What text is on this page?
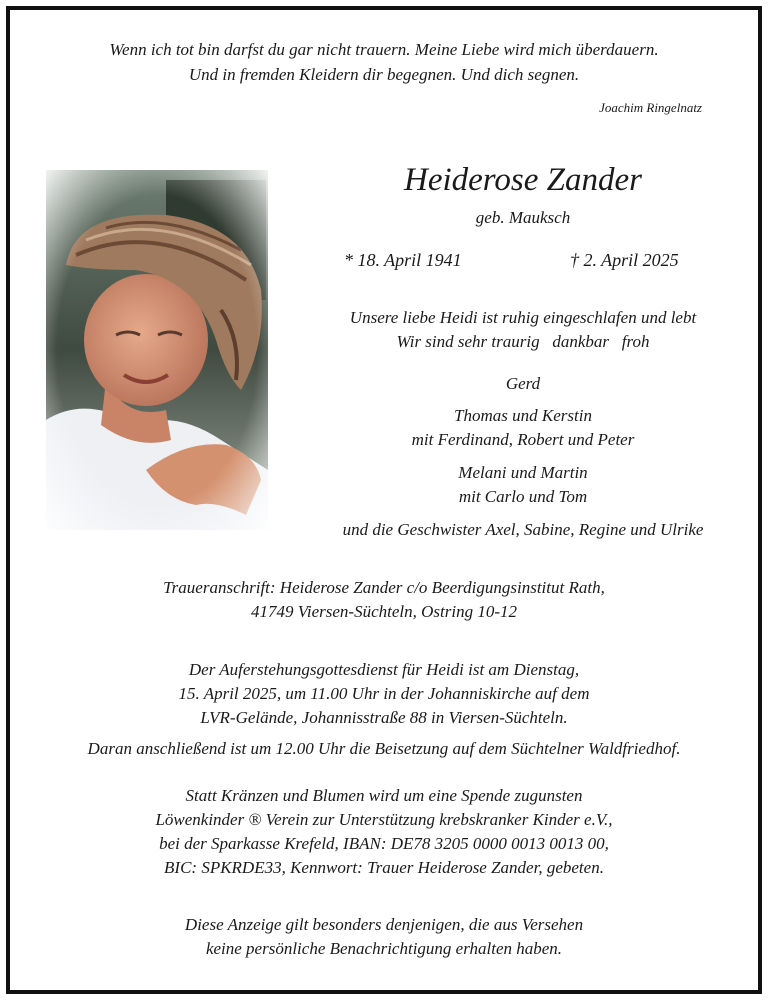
Wenn ich tot bin darfst du gar nicht trauern. Meine Liebe wird mich überdauern.
Und in fremden Kleidern dir begegnen. Und dich segnen.
Joachim Ringelnatz
Heiderose Zander
geb. Mauksch
* 18. April 1941	† 2. April 2025
Unsere liebe Heidi ist ruhig eingeschlafen und lebt
Wir sind sehr traurig   dankbar   froh
Gerd
Thomas und Kerstin
mit Ferdinand, Robert und Peter
Melani und Martin
mit Carlo und Tom
und die Geschwister Axel, Sabine, Regine und Ulrike
Traueranschrift: Heiderose Zander c/o Beerdigungsinstitut Rath,
41749 Viersen-Süchteln, Ostring 10-12
Der Auferstehungsgottesdienst für Heidi ist am Dienstag,
15. April 2025, um 11.00 Uhr in der Johanniskirche auf dem
LVR-Gelände, Johannisstraße 88 in Viersen-Süchteln.
Daran anschließend ist um 12.00 Uhr die Beisetzung auf dem Süchtelner Waldfriedhof.
Statt Kränzen und Blumen wird um eine Spende zugunsten
Löwenkinder ® Verein zur Unterstützung krebskranker Kinder e.V.,
bei der Sparkasse Krefeld, IBAN: DE78 3205 0000 0013 0013 00,
BIC: SPKRDE33, Kennwort: Trauer Heiderose Zander, gebeten.
Diese Anzeige gilt besonders denjenigen, die aus Versehen
keine persönliche Benachrichtigung erhalten haben.
